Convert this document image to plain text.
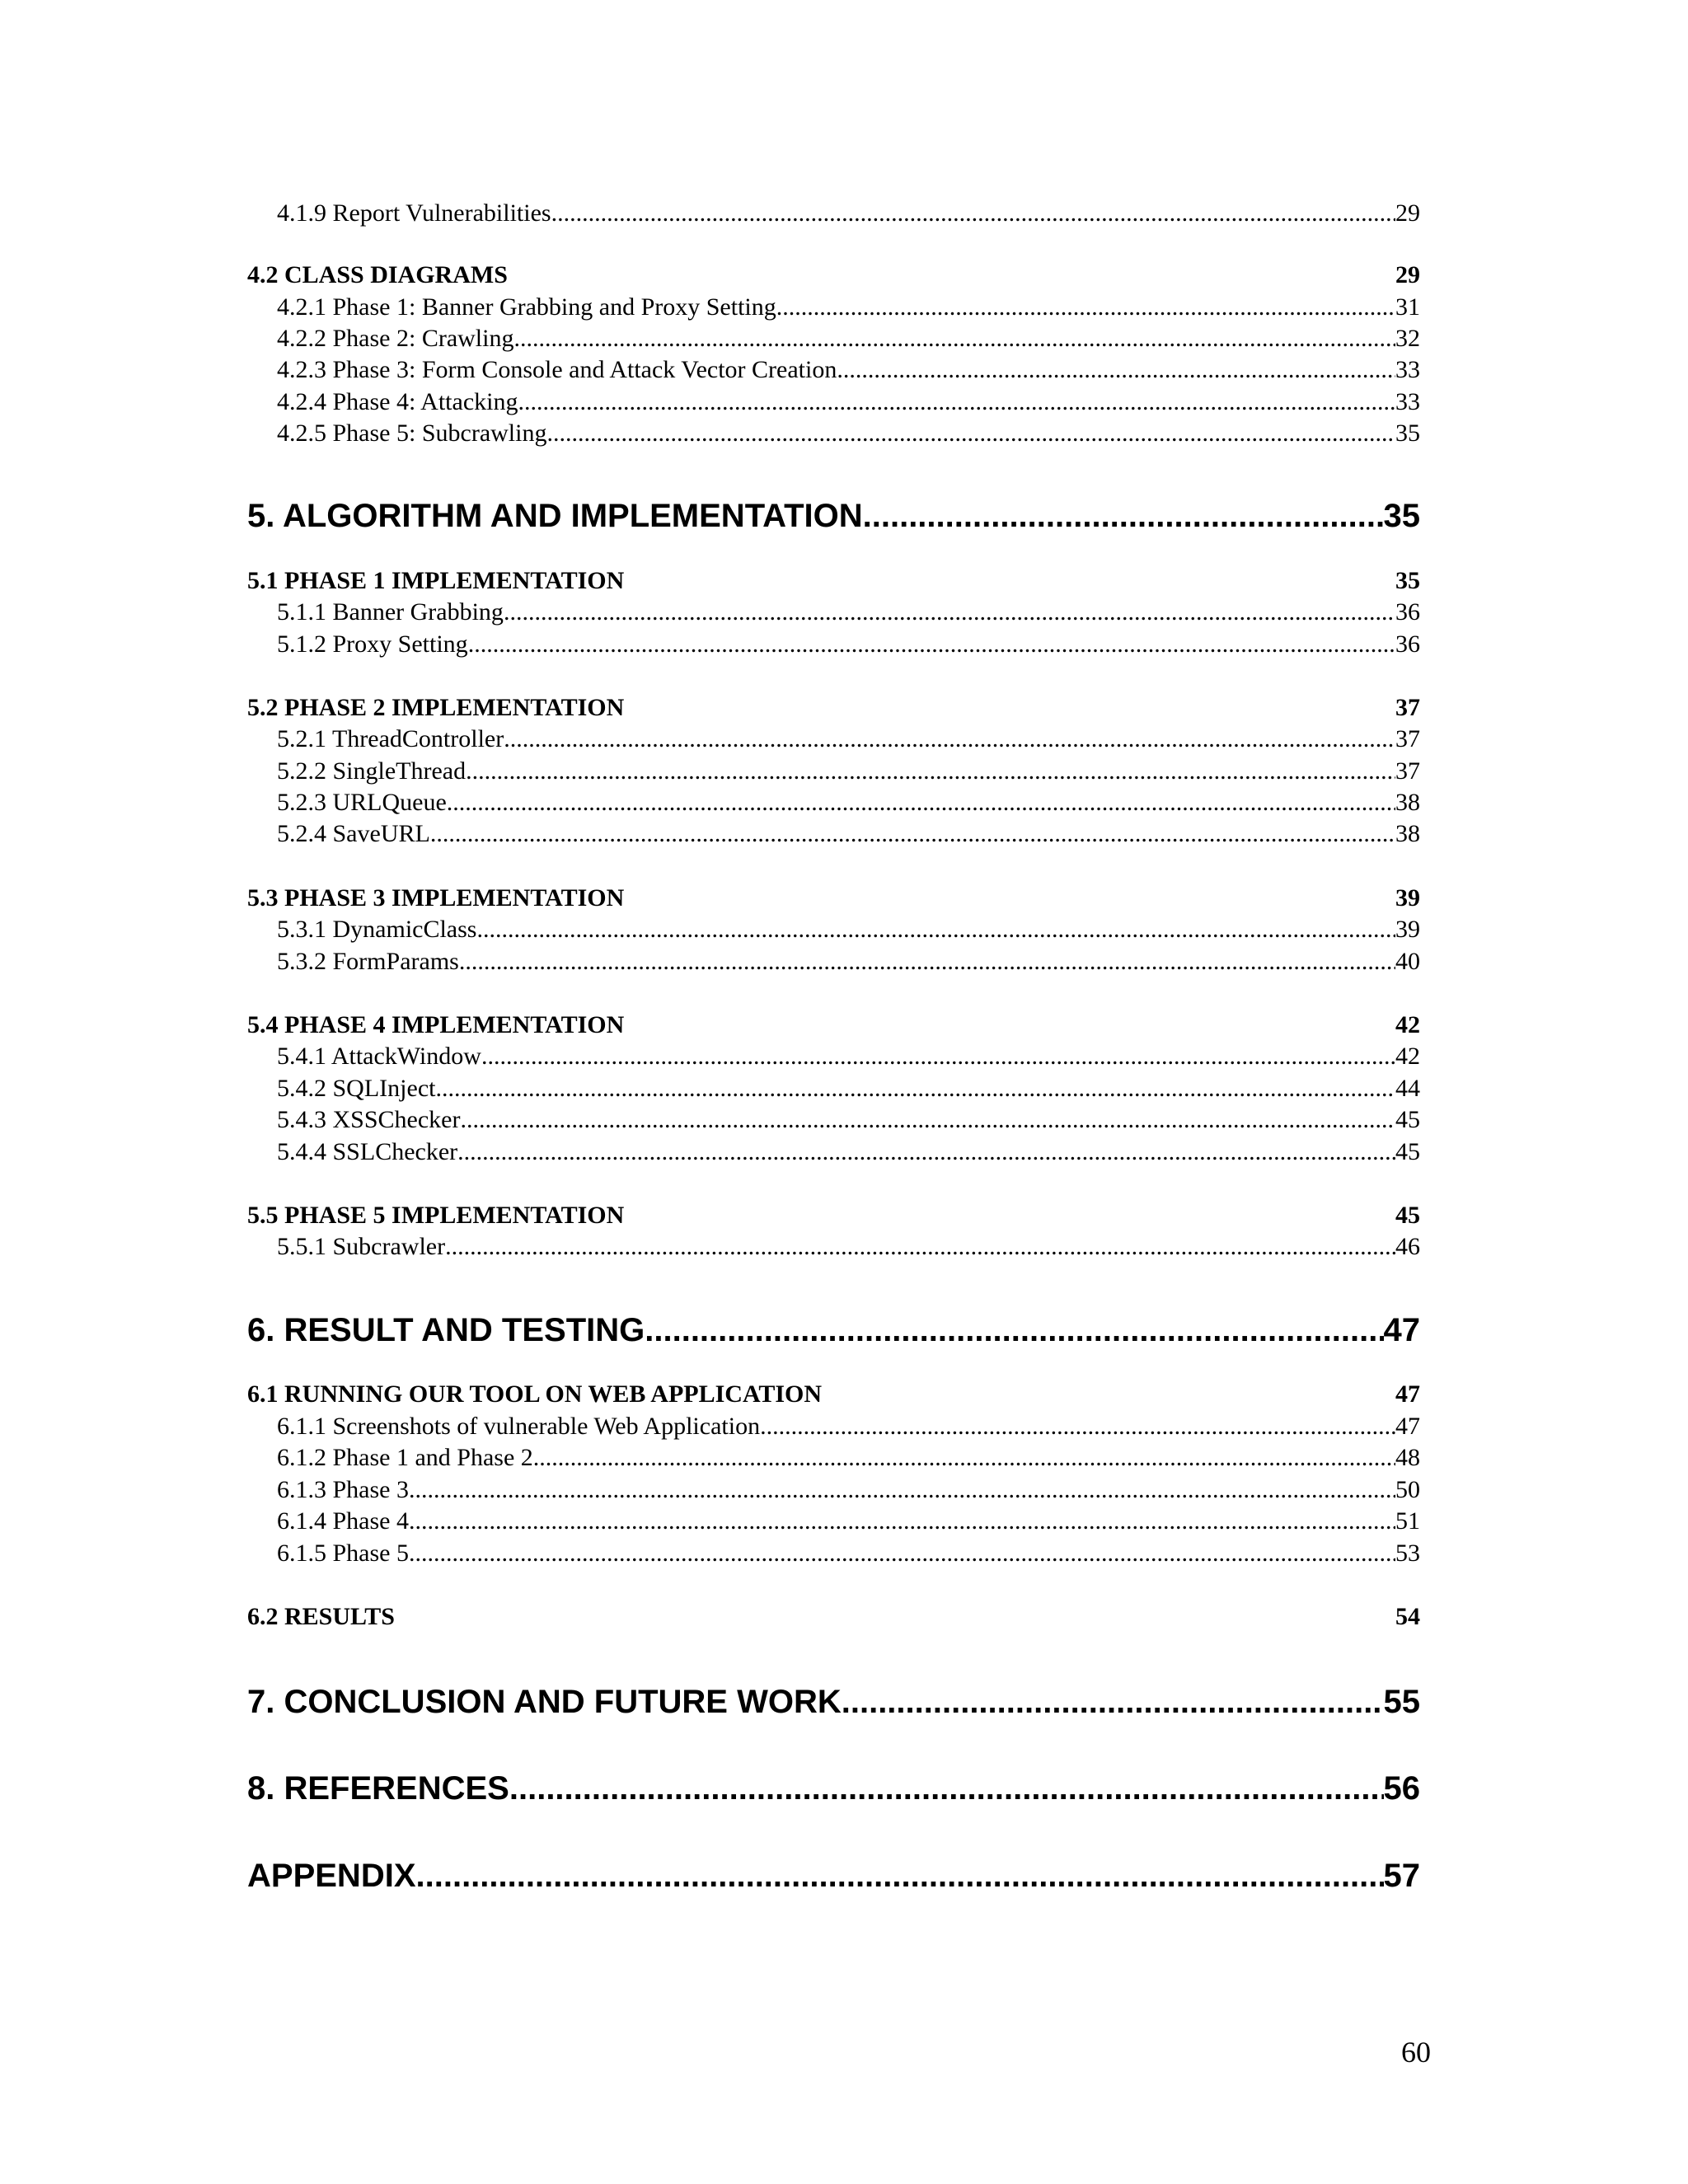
4.1.9 Report Vulnerabilities .....	29
4.2 CLASS DIAGRAMS	29
4.2.1 Phase 1: Banner Grabbing and Proxy Setting .....	31
4.2.2 Phase 2: Crawling .....	32
4.2.3 Phase 3: Form Console and Attack Vector Creation .....	33
4.2.4 Phase 4: Attacking .....	33
4.2.5 Phase 5: Subcrawling .....	35
5. ALGORITHM AND IMPLEMENTATION .....	35
5.1 PHASE 1 IMPLEMENTATION	35
5.1.1 Banner Grabbing .....	36
5.1.2 Proxy Setting .....	36
5.2 PHASE 2 IMPLEMENTATION	37
5.2.1 ThreadController .....	37
5.2.2 SingleThread .....	37
5.2.3 URLQueue .....	38
5.2.4 SaveURL .....	38
5.3 PHASE 3 IMPLEMENTATION	39
5.3.1 DynamicClass .....	39
5.3.2 FormParams .....	40
5.4 PHASE 4 IMPLEMENTATION	42
5.4.1 AttackWindow .....	42
5.4.2 SQLInject .....	44
5.4.3 XSSChecker .....	45
5.4.4 SSLChecker .....	45
5.5 PHASE 5 IMPLEMENTATION	45
5.5.1 Subcrawler .....	46
6. RESULT AND TESTING .....	47
6.1 RUNNING OUR TOOL ON WEB APPLICATION	47
6.1.1 Screenshots of vulnerable Web Application .....	47
6.1.2 Phase 1 and Phase 2 .....	48
6.1.3 Phase 3 .....	50
6.1.4 Phase 4 .....	51
6.1.5 Phase 5 .....	53
6.2 RESULTS	54
7. CONCLUSION AND FUTURE WORK .....	55
8. REFERENCES .....	56
APPENDIX .....	57
60
